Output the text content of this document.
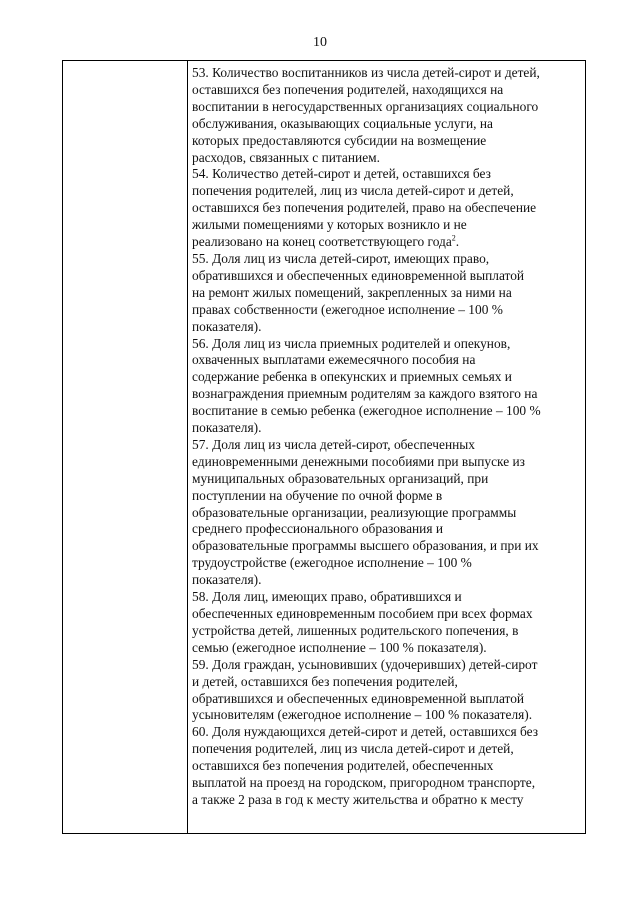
10

53. Количество воспитанников из числа детей-сирот и детей,
оставшихся без попечения родителей, находящихся на
воспитании в негосударственных организациях социального
обслуживания, оказывающих социальные услуги, на
которых предоставляются субсидии на возмещение
расходов, связанных с питанием.

54. Количество детей-сирот и детей, оставшихся без
попечения родителей, лиц из числа детей-сирот и детей,
оставшихся без попечения родителей, право на обеспечение
жилыми помещениями у которых возникло и не
реализовано на конец соответствующего года$^2$.

55. Доля лиц из числа детей-сирот, имеющих право,
обратившихся и обеспеченных единовременной выплатой
на ремонт жилых помещений, закрепленных за ними на
правах собственности (ежегодное исполнение – 100 %
показателя).

56. Доля лиц из числа приемных родителей и опекунов,
охваченных выплатами ежемесячного пособия на
содержание ребенка в опекунских и приемных семьях и
вознаграждения приемным родителям за каждого взятого на
воспитание в семью ребенка (ежегодное исполнение – 100 %
показателя).

57. Доля лиц из числа детей-сирот, обеспеченных
единовременными денежными пособиями при выпуске из
муниципальных образовательных организаций, при
поступлении на обучение по очной форме в
образовательные организации, реализующие программы
среднего профессионального образования и
образовательные программы высшего образования, и при их
трудоустройстве (ежегодное исполнение – 100 %
показателя).

58. Доля лиц, имеющих право, обратившихся и
обеспеченных единовременным пособием при всех формах
устройства детей, лишенных родительского попечения, в
семью (ежегодное исполнение – 100 % показателя).

59. Доля граждан, усыновивших (удочеривших) детей-сирот
и детей, оставшихся без попечения родителей,
обратившихся и обеспеченных единовременной выплатой
усыновителям (ежегодное исполнение – 100 % показателя).

60. Доля нуждающихся детей-сирот и детей, оставшихся без
попечения родителей, лиц из числа детей-сирот и детей,
оставшихся без попечения родителей, обеспеченных
выплатой на проезд на городском, пригородном транспорте,
а также 2 раза в год к месту жительства и обратно к месту
